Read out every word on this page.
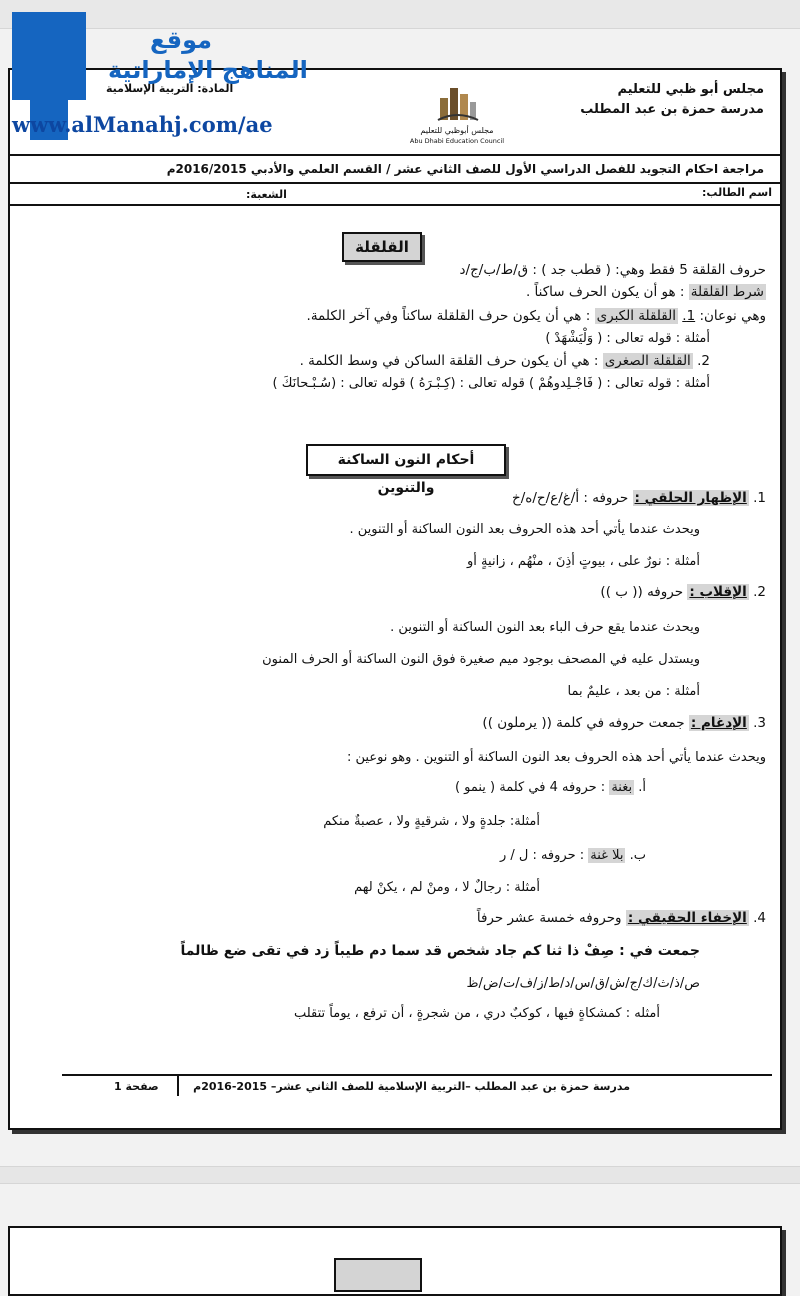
مجلس أبو ظبي للتعليم
مدرسة حمزة بن عبد المطلب
مجلس أبوظبي للتعليم
Abu Dhabi Education Council
المادة: التربية الإسلامية
مراجعة احكام التجويد للفصل الدراسي الأول للصف الثاني عشر / القسم العلمي والأدبي 2016/2015م
اسم الطالب:
الشعبة:
القلقلة
حروف القلقة 5 فقط وهي: ( قطب جد ) : ق/ط/ب/ج/د
شرط القلقلة : هو أن يكون الحرف ساكناً .
وهي نوعان: 1. القلقلة الكبرى : هي أن يكون حرف القلقلة ساكناً وفي آخر الكلمة.
أمثلة : قوله تعالى : ( وَلْيَشْهَدْ )
2. القلقلة الصغرى : هي أن يكون حرف القلقة الساكن في وسط الكلمة .
أمثلة : قوله تعالى : ( فَاجْـلِدوهُمْ ) قوله تعالى : (كِـبْـرَهُ ) قوله تعالى : (سُـبْـحانَكَ )
أحكام النون الساكنة والتنوين
1. الإظهار الحلقي : حروفه : أ/غ/ع/ح/ه/خ
ويحدث عندما يأتي أحد هذه الحروف بعد النون الساكنة أو التنوين .
أمثلة : نورٌ على ، بيوتٍ أذِنَ ، منْهُم ، زانيةٍ أو
2. الإقلاب : حروفه (( ب ))
ويحدث عندما يقع حرف الباء بعد النون الساكنة أو التنوين .
ويستدل عليه في المصحف بوجود ميم صغيرة فوق النون الساكنة أو الحرف المنون
أمثلة : من بعد ، عليمٌ بما
3. الإدغام : جمعت حروفه في كلمة (( يرملون ))
ويحدث عندما يأتي أحد هذه الحروف بعد النون الساكنة أو التنوين . وهو نوعين :
أ. بغنة : حروفه 4 في كلمة ( ينمو )
أمثلة: جلدةٍ ولا ، شرقيةٍ ولا ، عصبةٌ منكم
ب. بلا غنة : حروفه : ل / ر
أمثلة : رجالٌ لا ، ومنْ لم ، يكنْ لهم
4. الإخفاء الحقيقي : وحروفه خمسة عشر حرفاً
جمعت في : صِفْ ذا ثنا كم جاد شخص قد سما دم طيباً زد في تقى ضع ظالماً
ص/ذ/ث/ك/ج/ش/ق/س/د/ط/ز/ف/ت/ض/ظ
أمثله : كمشكاةٍ فيها ، كوكبٌ دري ، من شجرةٍ ، أن ترفع ، يوماً تتقلب
مدرسة حمزة بن عبد المطلب –التربية الإسلامية للصف الثاني عشر– 2015-2016م
صفحة 1
موقع
المناهج الإماراتية
www.alManahj.com/ae
